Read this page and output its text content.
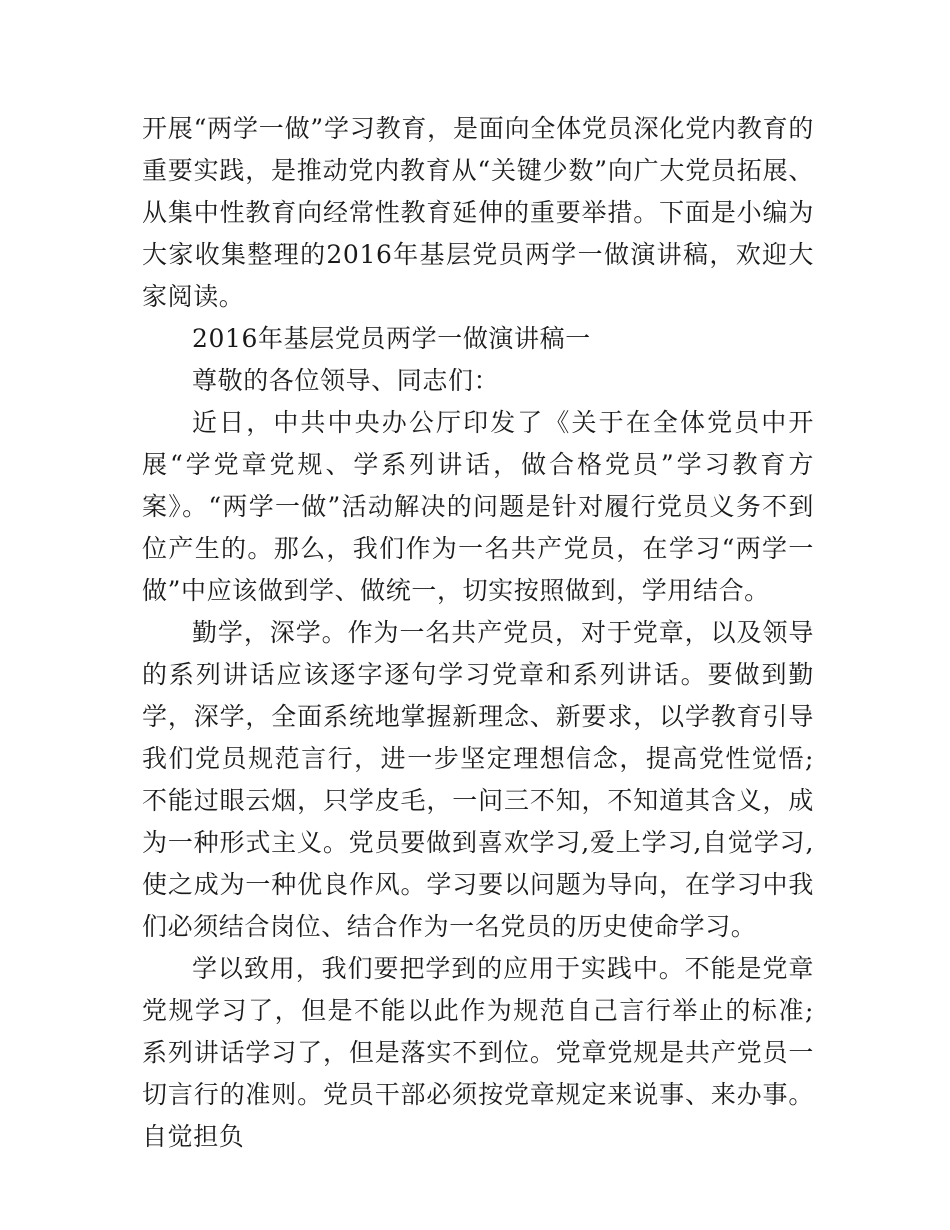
开展“两学一做”学习教育，是面向全体党员深化党内教育的重要实践，是推动党内教育从“关键少数”向广大党员拓展、从集中性教育向经常性教育延伸的重要举措。下面是小编为大家收集整理的2016年基层党员两学一做演讲稿，欢迎大家阅读。

2016年基层党员两学一做演讲稿一

尊敬的各位领导、同志们：

近日，中共中央办公厅印发了《关于在全体党员中开展“学党章党规、学系列讲话，做合格党员”学习教育方案》。“两学一做”活动解决的问题是针对履行党员义务不到位产生的。那么，我们作为一名共产党员，在学习“两学一做”中应该做到学、做统一，切实按照做到，学用结合。

勤学，深学。作为一名共产党员，对于党章，以及领导的系列讲话应该逐字逐句学习党章和系列讲话。要做到勤学，深学，全面系统地掌握新理念、新要求，以学教育引导我们党员规范言行，进一步坚定理想信念，提高党性觉悟;不能过眼云烟，只学皮毛，一问三不知，不知道其含义，成为一种形式主义。党员要做到喜欢学习,爱上学习,自觉学习,使之成为一种优良作风。学习要以问题为导向，在学习中我们必须结合岗位、结合作为一名党员的历史使命学习。

学以致用，我们要把学到的应用于实践中。不能是党章党规学习了，但是不能以此作为规范自己言行举止的标准;系列讲话学习了，但是落实不到位。党章党规是共产党员一切言行的准则。党员干部必须按党章规定来说事、来办事。自觉担负
